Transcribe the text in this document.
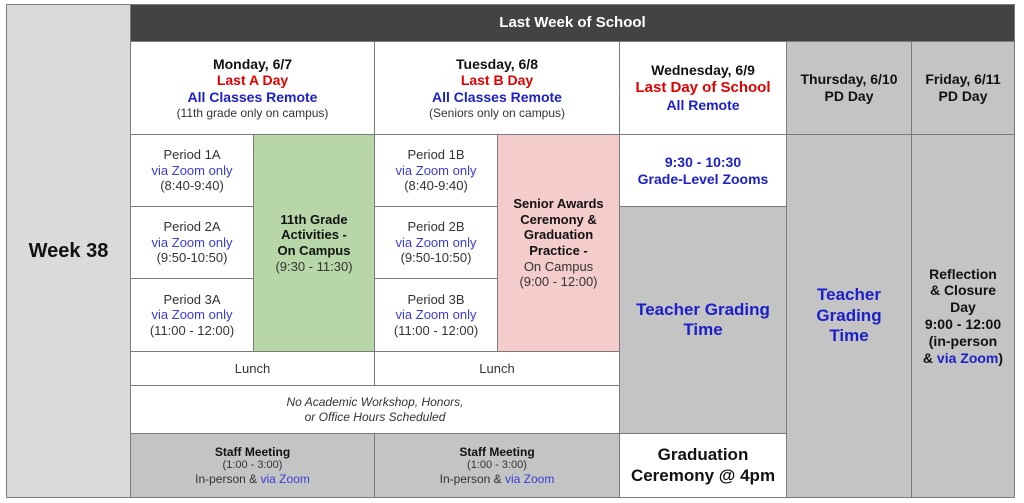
Week 38
Last Week of School
Monday, 6/7
Last A Day
All Classes Remote
(11th grade only on campus)
Tuesday, 6/8
Last B Day
All Classes Remote
(Seniors only on campus)
Wednesday, 6/9
Last Day of School
All Remote
Thursday, 6/10
PD Day
Friday, 6/11
PD Day
Period 1A
via Zoom only
(8:40-9:40)
Period 2A
via Zoom only
(9:50-10:50)
Period 3A
via Zoom only
(11:00 - 12:00)
11th Grade
Activities -
On Campus
(9:30 - 11:30)
Period 1B
via Zoom only
(8:40-9:40)
Period 2B
via Zoom only
(9:50-10:50)
Period 3B
via Zoom only
(11:00 - 12:00)
Senior Awards
Ceremony &
Graduation
Practice -
On Campus
(9:00 - 12:00)
Lunch	Lunch
No Academic Workshop, Honors,
or Office Hours Scheduled
Staff Meeting
(1:00 - 3:00)
In-person & via Zoom
Staff Meeting
(1:00 - 3:00)
In-person & via Zoom
9:30 - 10:30
Grade-Level Zooms
Teacher Grading
Time
Graduation
Ceremony @ 4pm
Teacher
Grading
Time
Reflection
& Closure
Day
9:00 - 12:00
(in-person
& via Zoom)
